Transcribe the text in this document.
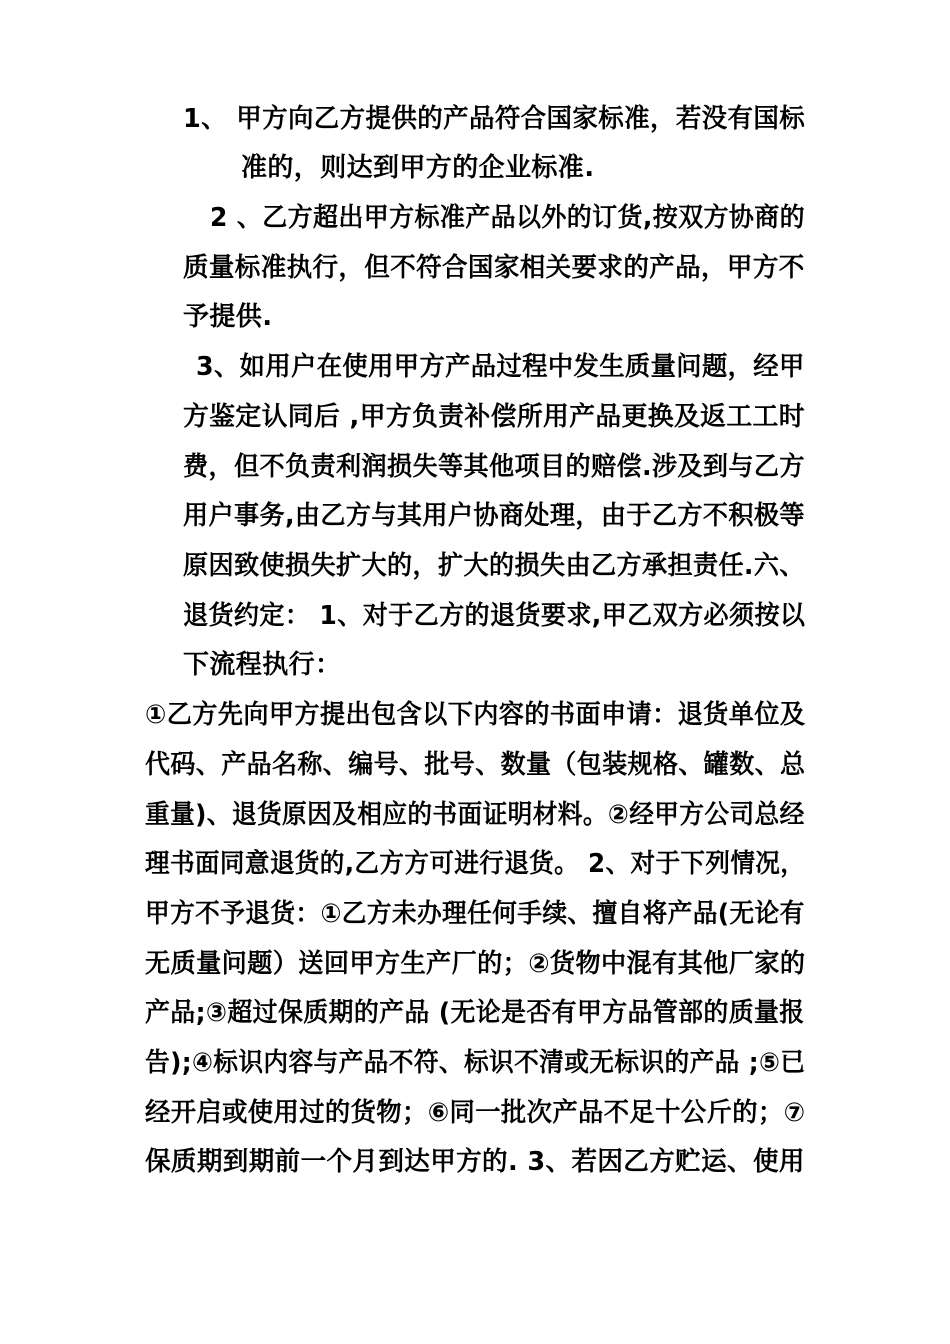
1、 甲方向乙方提供的产品符合国家标准，若没有国标
准的，则达到甲方的企业标准.
2 、乙方超出甲方标准产品以外的订货,按双方协商的
质量标准执行，但不符合国家相关要求的产品，甲方不
予提供.
3、如用户在使用甲方产品过程中发生质量问题，经甲
方鉴定认同后 ,甲方负责补偿所用产品更换及返工工时
费，但不负责利润损失等其他项目的赔偿.涉及到与乙方
用户事务,由乙方与其用户协商处理，由于乙方不积极等
原因致使损失扩大的，扩大的损失由乙方承担责任.六、
退货约定： 1、对于乙方的退货要求,甲乙双方必须按以
下流程执行：
①乙方先向甲方提出包含以下内容的书面申请：退货单位及
代码、产品名称、编号、批号、数量（包装规格、罐数、总
重量)、退货原因及相应的书面证明材料。②经甲方公司总经
理书面同意退货的,乙方方可进行退货。 2、对于下列情况，
甲方不予退货：①乙方未办理任何手续、擅自将产品(无论有
无质量问题）送回甲方生产厂的；②货物中混有其他厂家的
产品;③超过保质期的产品 (无论是否有甲方品管部的质量报
告);④标识内容与产品不符、标识不清或无标识的产品 ;⑤已
经开启或使用过的货物；⑥同一批次产品不足十公斤的；⑦
保质期到期前一个月到达甲方的. 3、若因乙方贮运、使用
